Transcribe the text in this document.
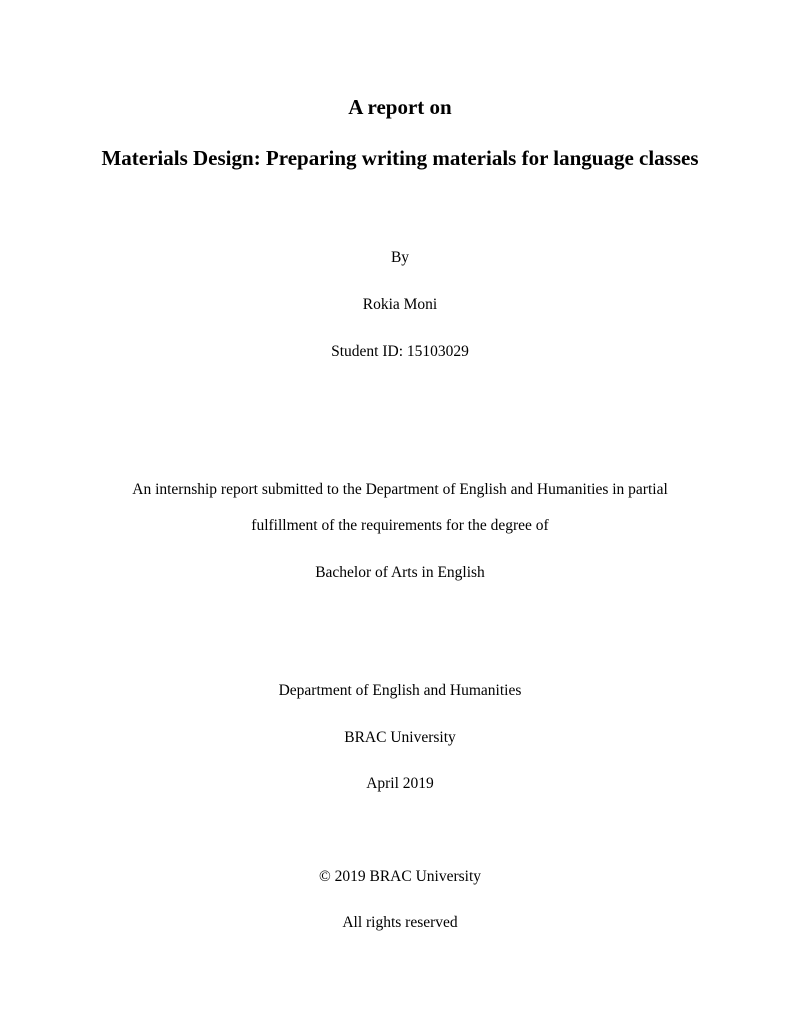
A report on
Materials Design: Preparing writing materials for language classes
By
Rokia Moni
Student ID: 15103029
An internship report submitted to the Department of English and Humanities in partial
fulfillment of the requirements for the degree of
Bachelor of Arts in English
Department of English and Humanities
BRAC University
April 2019
© 2019 BRAC University
All rights reserved
